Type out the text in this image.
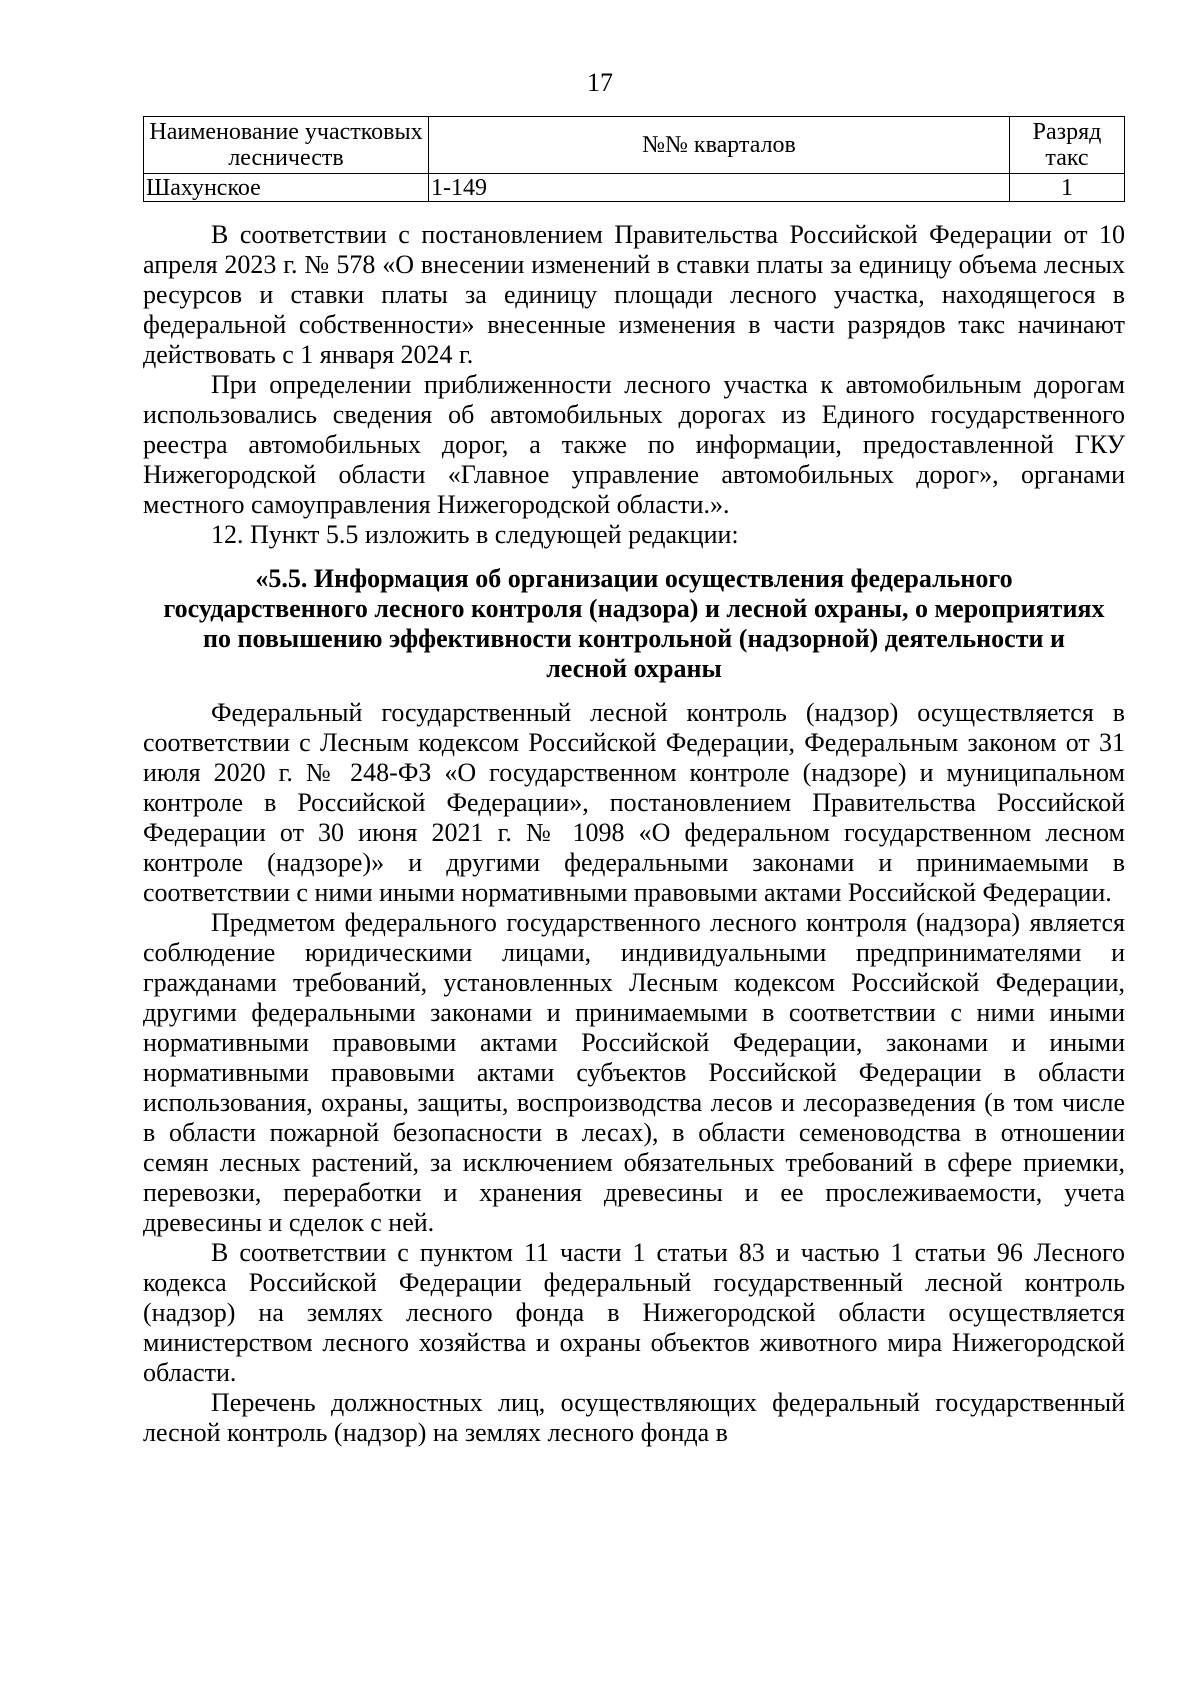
17
Наименование участковых лесничеств	№№ кварталов	Разряд такс
Шахунское	1-149	1

В соответствии с постановлением Правительства Российской Федерации от 10 апреля 2023 г. № 578 «О внесении изменений в ставки платы за единицу объема лесных ресурсов и ставки платы за единицу площади лесного участка, находящегося в федеральной собственности» внесенные изменения в части разрядов такс начинают действовать с 1 января 2024 г.

При определении приближенности лесного участка к автомобильным дорогам использовались сведения об автомобильных дорогах из Единого государственного реестра автомобильных дорог, а также по информации, предоставленной ГКУ Нижегородской области «Главное управление автомобильных дорог», органами местного самоуправления Нижегородской области.».

12. Пункт 5.5 изложить в следующей редакции:

«5.5. Информация об организации осуществления федерального государственного лесного контроля (надзора) и лесной охраны, о мероприятиях по повышению эффективности контрольной (надзорной) деятельности и лесной охраны

Федеральный государственный лесной контроль (надзор) осуществляется в соответствии с Лесным кодексом Российской Федерации, Федеральным законом от 31 июля 2020 г. № 248-ФЗ «О государственном контроле (надзоре) и муниципальном контроле в Российской Федерации», постановлением Правительства Российской Федерации от 30 июня 2021 г. № 1098 «О федеральном государственном лесном контроле (надзоре)» и другими федеральными законами и принимаемыми в соответствии с ними иными нормативными правовыми актами Российской Федерации.

Предметом федерального государственного лесного контроля (надзора) является соблюдение юридическими лицами, индивидуальными предпринимателями и гражданами требований, установленных Лесным кодексом Российской Федерации, другими федеральными законами и принимаемыми в соответствии с ними иными нормативными правовыми актами Российской Федерации, законами и иными нормативными правовыми актами субъектов Российской Федерации в области использования, охраны, защиты, воспроизводства лесов и лесоразведения (в том числе в области пожарной безопасности в лесах), в области семеноводства в отношении семян лесных растений, за исключением обязательных требований в сфере приемки, перевозки, переработки и хранения древесины и ее прослеживаемости, учета древесины и сделок с ней.

В соответствии с пунктом 11 части 1 статьи 83 и частью 1 статьи 96 Лесного кодекса Российской Федерации федеральный государственный лесной контроль (надзор) на землях лесного фонда в Нижегородской области осуществляется министерством лесного хозяйства и охраны объектов животного мира Нижегородской области.

Перечень должностных лиц, осуществляющих федеральный государственный лесной контроль (надзор) на землях лесного фонда в
